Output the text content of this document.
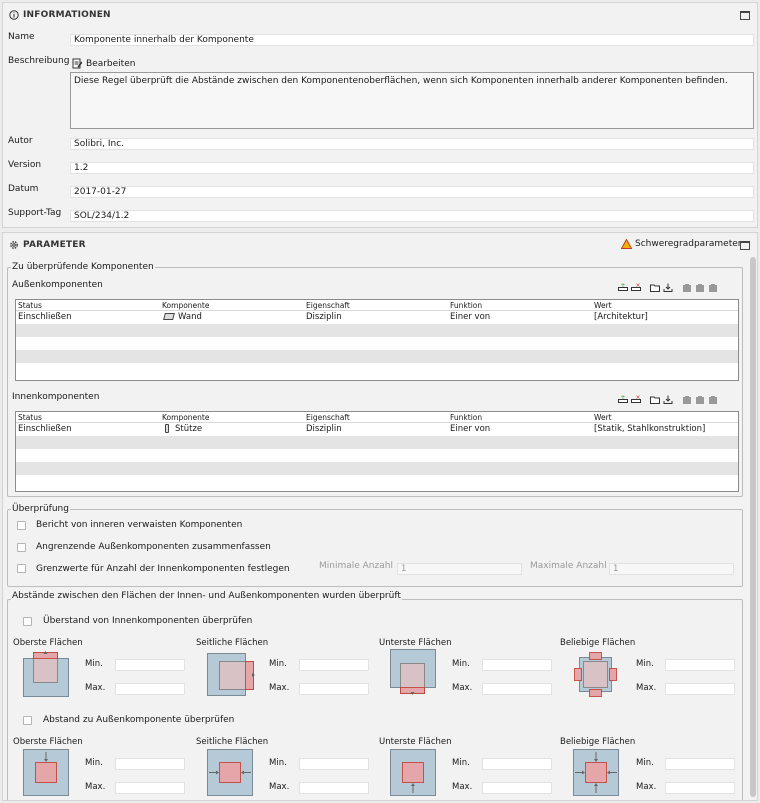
INFORMATIONEN
Name	Komponente innerhalb der Komponente
Beschreibung Bearbeiten
Diese Regel überprüft die Abstände zwischen den Komponentenoberflächen, wenn sich Komponenten innerhalb anderer Komponenten befinden.
Autor	Solibri, Inc.
Version	1.2
Datum	2017-01-27
Support-Tag	SOL/234/1.2
PARAMETER	Schweregradparameter
Zu überprüfende Komponenten
Außenkomponenten	+ ×
Status	Komponente	Eigenschaft	Funktion	Wert
Einschließen	Wand	Disziplin	Einer von	[Architektur]
Innenkomponenten	+ ×
Status	Komponente	Eigenschaft	Funktion	Wert
Einschließen	Stütze	Disziplin	Einer von	[Statik, Stahlkonstruktion]
Überprüfung
Bericht von inneren verwaisten Komponenten
Angrenzende Außenkomponenten zusammenfassen
Grenzwerte für Anzahl der Innenkomponenten festlegen	Minimale Anzahl 1	Maximale Anzahl 1
Abstände zwischen den Flächen der Innen- und Außenkomponenten wurden überprüft
Überstand von Innenkomponenten überprüfen
Oberste Flächen
Min.
Max.
Seitliche Flächen
Min.
Max.
Unterste Flächen
Min.
Max.
Beliebige Flächen
Min.
Max.
Abstand zu Außenkomponente überprüfen
Oberste Flächen
Min.
Max.
Seitliche Flächen
Min.
Max.
Unterste Flächen
Min.
Max.
Beliebige Flächen
Min.
Max.
